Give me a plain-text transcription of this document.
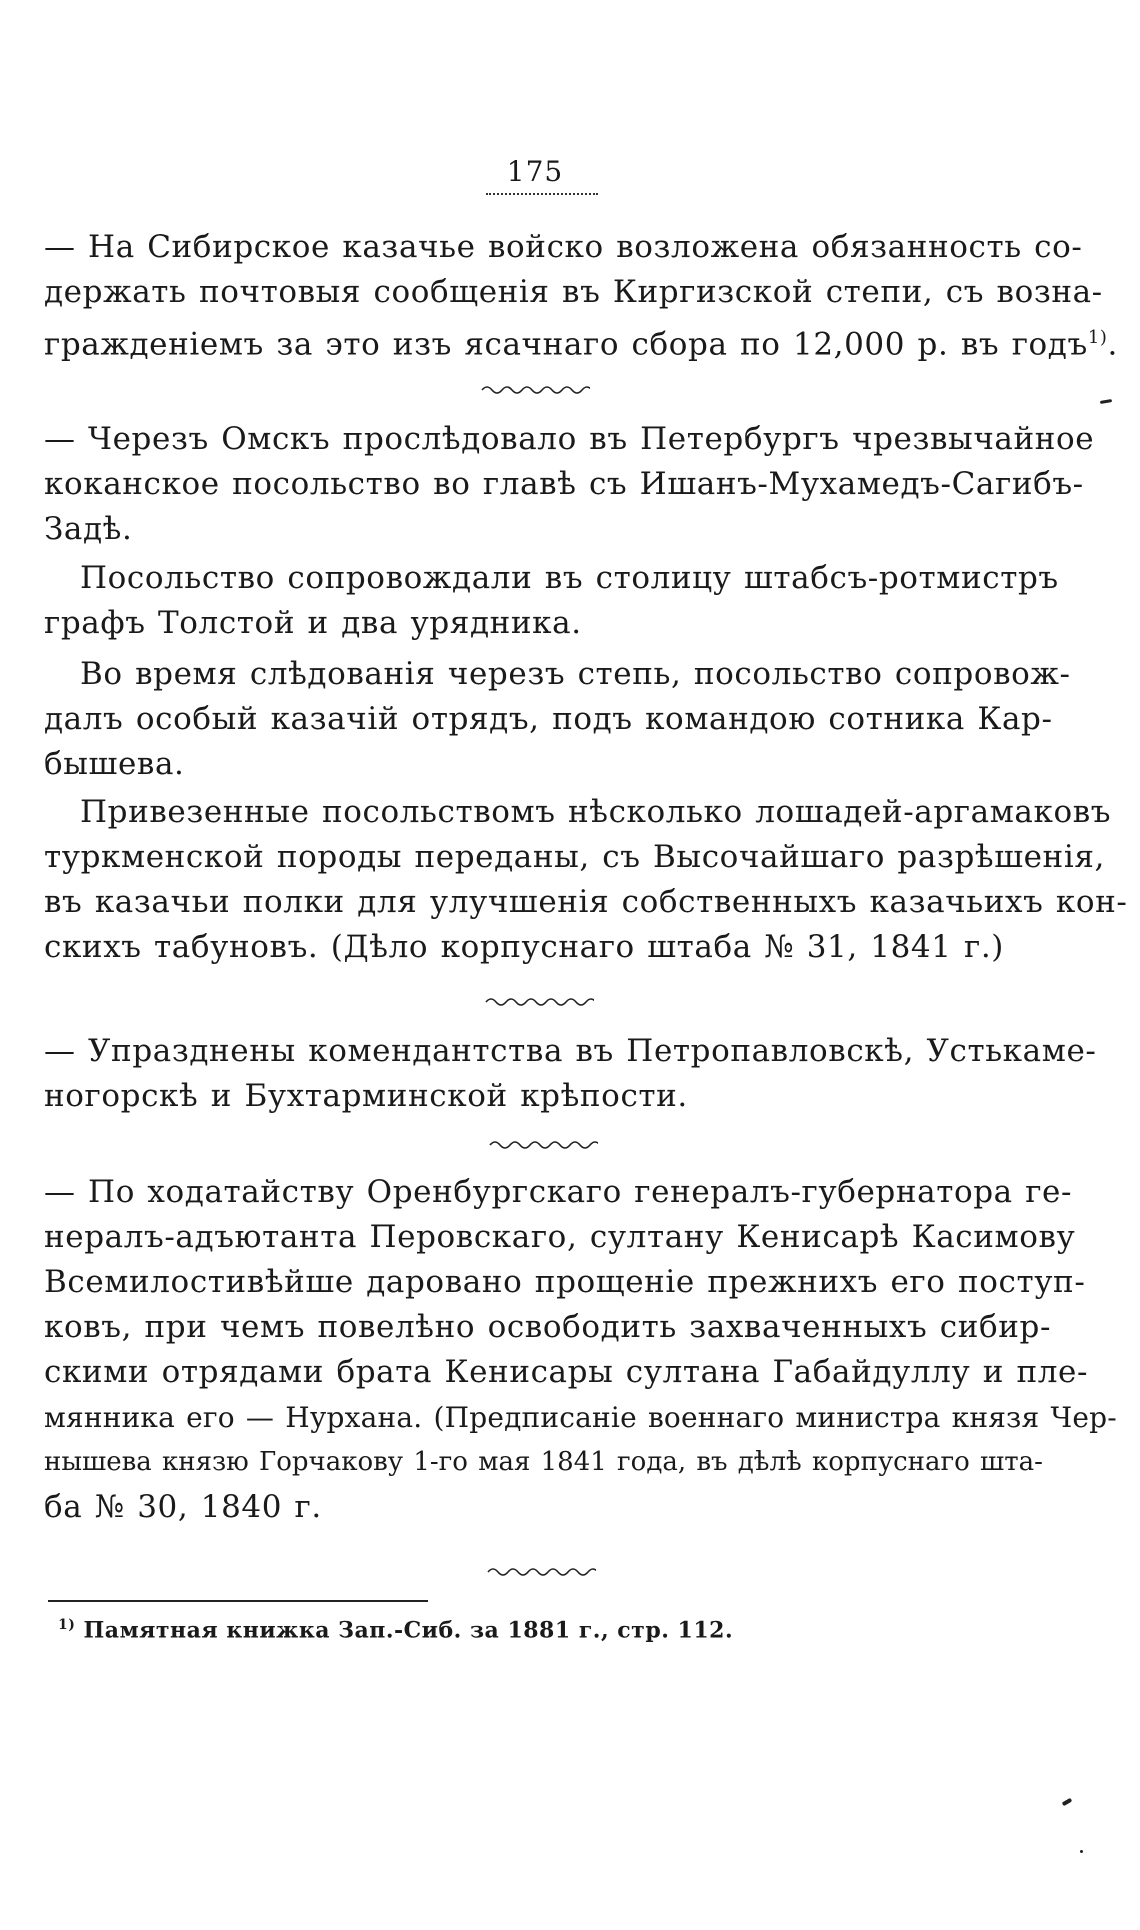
175
— На Сибирское казачье войско возложена обязанность со-
держать почтовыя сообщенія въ Киргизской степи, съ возна-
гражденіемъ за это изъ ясачнаго сбора по 12,000 р. въ годъ$^{1)}$.
— Черезъ Омскъ прослѣдовало въ Петербургъ чрезвычайное
коканское посольство во главѣ съ Ишанъ-Мухамедъ-Сагибъ-
Задѣ.
Посольство сопровождали въ столицу штабсъ-ротмистръ
графъ Толстой и два урядника.
Во время слѣдованія черезъ степь, посольство сопровож-
далъ особый казачій отрядъ, подъ командою сотника Кар-
бышева.
Привезенные посольствомъ нѣсколько лошадей-аргамаковъ
туркменской породы переданы, съ Высочайшаго разрѣшенія,
въ казачьи полки для улучшенія собственныхъ казачьихъ кон-
скихъ табуновъ. (Дѣло корпуснаго штаба № 31, 1841 г.)
— Упразднены комендантства въ Петропавловскѣ, Устькаме-
ногорскѣ и Бухтарминской крѣпости.
— По ходатайству Оренбургскаго генералъ-губернатора ге-
нералъ-адъютанта Перовскаго, султану Кенисарѣ Касимову
Всемилостивѣйше даровано прощеніе прежнихъ его поступ-
ковъ, при чемъ повелѣно освободить захваченныхъ сибир-
скими отрядами брата Кенисары султана Габайдуллу и пле-
мянника его — Нурхана. (Предписаніе военнаго министра князя Чер-
нышева князю Горчакову 1-го мая 1841 года, въ дѣлѣ корпуснаго шта-
ба № 30, 1840 г.
$^{1)}$ Памятная книжка Зап.-Сиб. за 1881 г., стр. 112.
